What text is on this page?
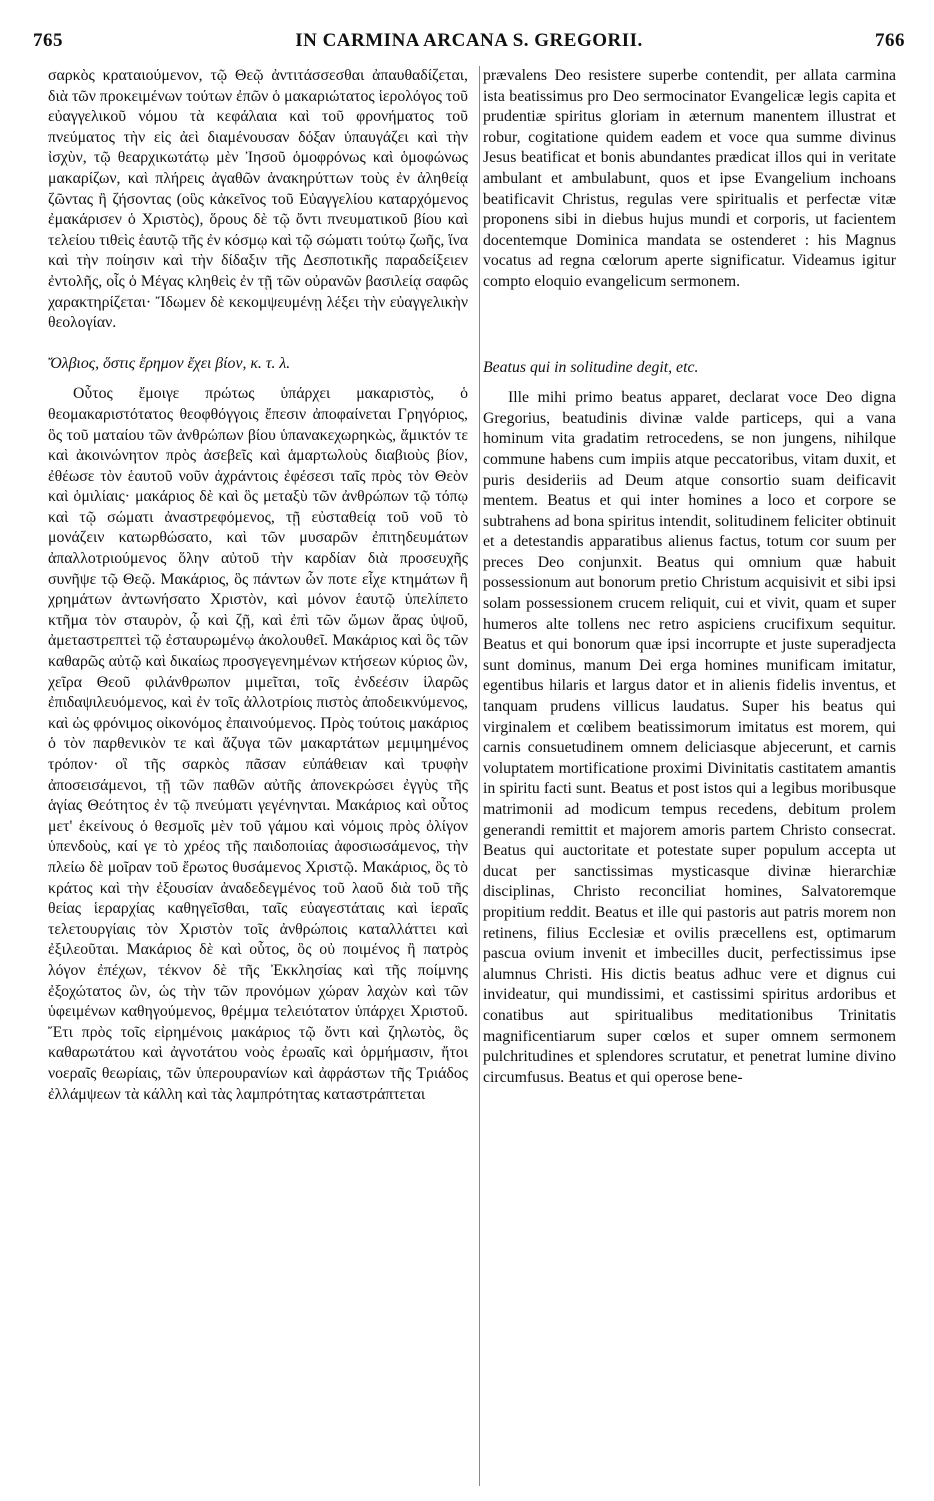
765	IN CARMINA ARCANA S. GREGORII.	766

σαρκὸς κραταιούμενον, τῷ Θεῷ ἀντιτάσσεσθαι ἀπαυθαδίζεται, διὰ τῶν προκειμένων τούτων ἐπῶν ὁ μακαριώτατος ἱερολόγος τοῦ εὐαγγελικοῦ νόμου τὰ κεφάλαια καὶ τοῦ φρονήματος τοῦ πνεύματος τὴν εἰς ἀεὶ διαμένουσαν δόξαν ὑπαυγάζει καὶ τὴν ἰσχὺν, τῷ θεαρχικωτάτῳ μὲν Ἰησοῦ ὁμοφρόνως καὶ ὁμοφώνως μακαρίζων, καὶ πλήρεις ἀγαθῶν ἀνακηρύττων τοὺς ἐν ἀληθείᾳ ζῶντας ἢ ζήσοντας (οὓς κἀκεῖνος τοῦ Εὐαγγελίου καταρχόμενος ἐμακάρισεν ὁ Χριστὸς), ὅρους δὲ τῷ ὄντι πνευματικοῦ βίου καὶ τελείου τιθεὶς ἑαυτῷ τῆς ἐν κόσμῳ καὶ τῷ σώματι τούτῳ ζωῆς, ἵνα καὶ τὴν ποίησιν καὶ τὴν δίδαξιν τῆς Δεσποτικῆς παραδείξειεν ἐντολῆς, οἷς ὁ Μέγας κληθεὶς ἐν τῇ τῶν οὐρανῶν βασιλείᾳ σαφῶς χαρακτηρίζεται· Ἴδωμεν δὲ κεκομψευμένῃ λέξει τὴν εὐαγγελικὴν θεολογίαν.

Ὄλβιος, ὅστις ἔρημον ἔχει βίον, κ. τ. λ.

Οὗτος ἔμοιγε πρώτως ὑπάρχει μακαριστὸς, ὁ θεομακαριστότατος θεοφθόγγοις ἔπεσιν ἀποφαίνεται Γρηγόριος, ὃς τοῦ ματαίου τῶν ἀνθρώπων βίου ὑπανακεχωρηκὼς, ἄμικτόν τε καὶ ἀκοινώνητον πρὸς ἀσεβεῖς καὶ ἁμαρτωλοὺς διαβιοὺς βίον, ἐθέωσε τὸν ἑαυτοῦ νοῦν ἀχράντοις ἐφέσεσι ταῖς πρὸς τὸν Θεὸν καὶ ὁμιλίαις· μακάριος δὲ καὶ ὃς μεταξὺ τῶν ἀνθρώπων τῷ τόπῳ καὶ τῷ σώματι ἀναστρεφόμενος, τῇ εὐσταθείᾳ τοῦ νοῦ τὸ μονάζειν κατωρθώσατο, καὶ τῶν μυσαρῶν ἐπιτηδευμάτων ἀπαλλοτριούμενος ὅλην αὐτοῦ τὴν καρδίαν διὰ προσευχῆς συνῆψε τῷ Θεῷ. Μακάριος, ὃς πάντων ὧν ποτε εἶχε κτημάτων ἢ χρημάτων ἀντωνήσατο Χριστὸν, καὶ μόνον ἑαυτῷ ὑπελίπετο κτῆμα τὸν σταυρὸν, ᾧ καὶ ζῇ, καὶ ἐπὶ τῶν ὤμων ἄρας ὑψοῦ, ἀμεταστρεπτεὶ τῷ ἐσταυρωμένῳ ἀκολουθεῖ. Μακάριος καὶ ὃς τῶν καθαρῶς αὐτῷ καὶ δικαίως προσγεγενημένων κτήσεων κύριος ὢν, χεῖρα Θεοῦ φιλάνθρωπον μιμεῖται, τοῖς ἐνδεέσιν ἱλαρῶς ἐπιδαψιλευόμενος, καὶ ἐν τοῖς ἀλλοτρίοις πιστὸς ἀποδεικνύμενος, καὶ ὡς φρόνιμος οἰκονόμος ἐπαινούμενος. Πρὸς τούτοις μακάριος ὁ τὸν παρθενικὸν τε καὶ ἄζυγα τῶν μακαρτάτων μεμιμημένος τρόπον· οἳ τῆς σαρκὸς πᾶσαν εὐπάθειαν καὶ τρυφὴν ἀποσεισάμενοι, τῇ τῶν παθῶν αὐτῆς ἀπονεκρώσει ἐγγὺς τῆς ἁγίας Θεότητος ἐν τῷ πνεύματι γεγένηνται. Μακάριος καὶ οὗτος μετ' ἐκείνους ὁ θεσμοῖς μὲν τοῦ γάμου καὶ νόμοις πρὸς ὀλίγον ὑπενδοὺς, καί γε τὸ χρέος τῆς παιδοποιίας ἀφοσιωσάμενος, τὴν πλείω δὲ μοῖραν τοῦ ἔρωτος θυσάμενος Χριστῷ. Μακάριος, ὃς τὸ κράτος καὶ τὴν ἐξουσίαν ἀναδεδεγμένος τοῦ λαοῦ διὰ τοῦ τῆς θείας ἱεραρχίας καθηγεῖσθαι, ταῖς εὐαγεστάταις καὶ ἱεραῖς τελετουργίαις τὸν Χριστὸν τοῖς ἀνθρώποις καταλλάττει καὶ ἐξιλεοῦται. Μακάριος δὲ καὶ οὗτος, ὃς οὐ ποιμένος ἢ πατρὸς λόγον ἐπέχων, τέκνον δὲ τῆς Ἐκκλησίας καὶ τῆς ποίμνης ἐξοχώτατος ὢν, ὡς τὴν τῶν προνόμων χώραν λαχὼν καὶ τῶν ὑφειμένων καθηγούμενος, θρέμμα τελειότατον ὑπάρχει Χριστοῦ. Ἔτι πρὸς τοῖς εἰρημένοις μακάριος τῷ ὄντι καὶ ζηλωτὸς, ὃς καθαρωτάτου καὶ ἀγνοτάτου νοὸς ἐρωαῖς καὶ ὁρμήμασιν, ἤτοι νοεραῖς θεωρίαις, τῶν ὑπερουρανίων καὶ ἀφράστων τῆς Τριάδος ἐλλάμψεων τὰ κάλλη καὶ τὰς λαμπρότητας καταστράπτεται

prævalens Deo resistere superbe contendit, per allata carmina ista beatissimus pro Deo sermocinator Evangelicæ legis capita et prudentiæ spiritus gloriam in æternum manentem illustrat et robur, cogitatione quidem eadem et voce qua summe divinus Jesus beatificat et bonis abundantes prædicat illos qui in veritate ambulant et ambulabunt, quos et ipse Evangelium inchoans beatificavit Christus, regulas vere spiritualis et perfectæ vitæ proponens sibi in diebus hujus mundi et corporis, ut facientem docentemque Dominica mandata se ostenderet : his Magnus vocatus ad regna cœlorum aperte significatur. Videamus igitur compto eloquio evangelicum sermonem.

Beatus qui in solitudine degit, etc.

Ille mihi primo beatus apparet, declarat voce Deo digna Gregorius, beatudinis divinæ valde particeps, qui a vana hominum vita gradatim retrocedens, se non jungens, nihilque commune habens cum impiis atque peccatoribus, vitam duxit, et puris desideriis ad Deum atque consortio suam deificavit mentem. Beatus et qui inter homines a loco et corpore se subtrahens ad bona spiritus intendit, solitudinem feliciter obtinuit et a detestandis apparatibus alienus factus, totum cor suum per preces Deo conjunxit. Beatus qui omnium quæ habuit possessionum aut bonorum pretio Christum acquisivit et sibi ipsi solam possessionem crucem reliquit, cui et vivit, quam et super humeros alte tollens nec retro aspiciens crucifixum sequitur. Beatus et qui bonorum quæ ipsi incorrupte et juste superadjecta sunt dominus, manum Dei erga homines munificam imitatur, egentibus hilaris et largus dator et in alienis fidelis inventus, et tanquam prudens villicus laudatus. Super his beatus qui virginalem et cœlibem beatissimorum imitatus est morem, qui carnis consuetudinem omnem deliciasque abjecerunt, et carnis voluptatem mortificatione proximi Divinitatis castitatem amantis in spiritu facti sunt. Beatus et post istos qui a legibus moribusque matrimonii ad modicum tempus recedens, debitum prolem generandi remittit et majorem amoris partem Christo consecrat. Beatus qui auctoritate et potestate super populum accepta ut ducat per sanctissimas mysticasque divinæ hierarchiæ disciplinas, Christo reconciliat homines, Salvatoremque propitium reddit. Beatus et ille qui pastoris aut patris morem non retinens, filius Ecclesiæ et ovilis præcellens est, optimarum pascua ovium invenit et imbecilles ducit, perfectissimus ipse alumnus Christi. His dictis beatus adhuc vere et dignus cui invideatur, qui mundissimi, et castissimi spiritus ardoribus et conatibus aut spiritualibus meditationibus Trinitatis magnificentiarum super cœlos et super omnem sermonem pulchritudines et splendores scrutatur, et penetrat lumine divino circumfusus. Beatus et qui operose bene-
